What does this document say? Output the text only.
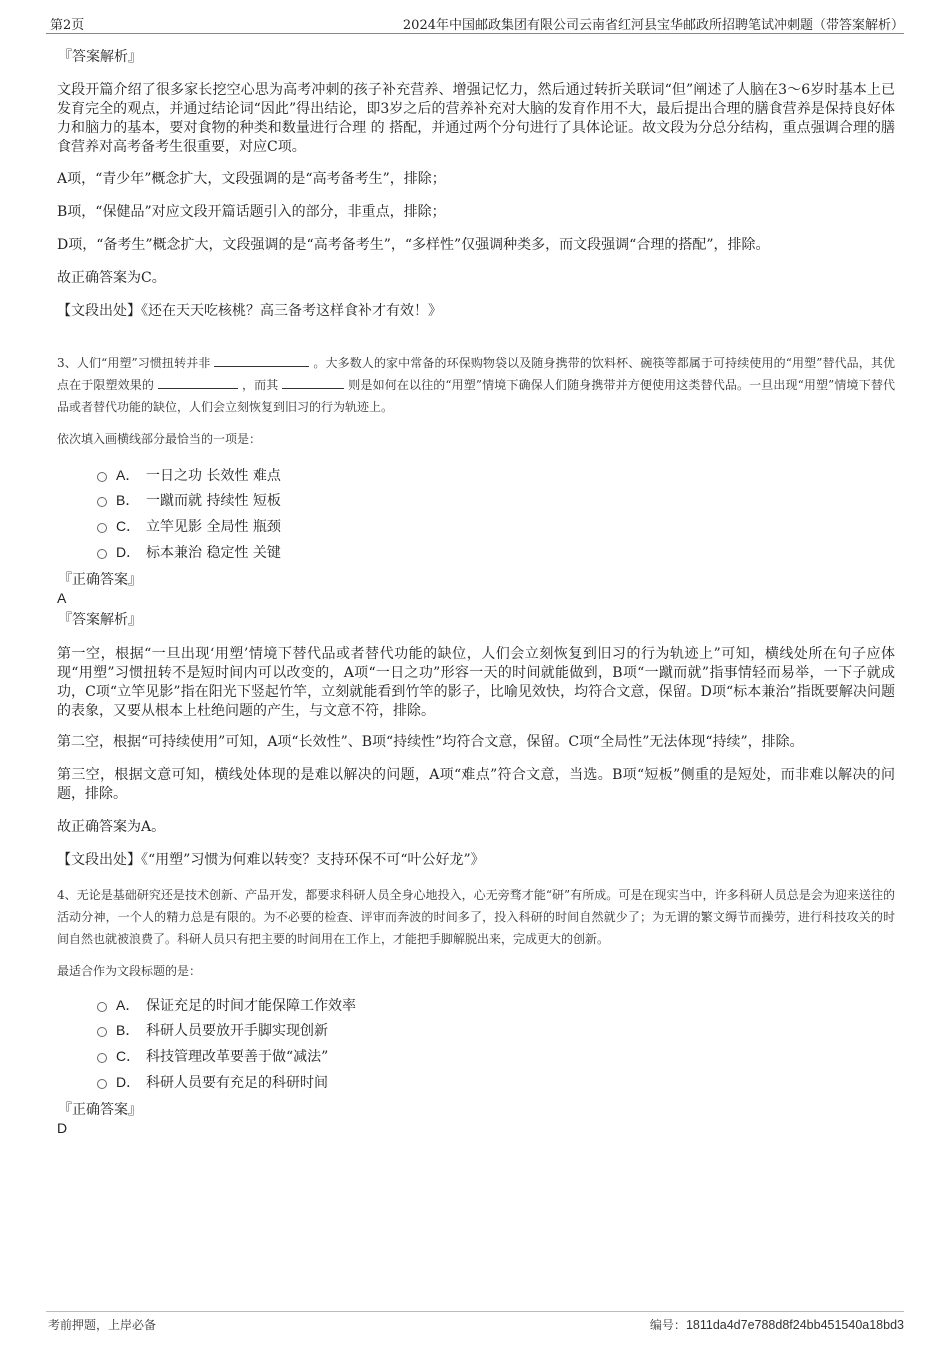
第2页	2024年中国邮政集团有限公司云南省红河县宝华邮政所招聘笔试冲刺题（带答案解析）
『答案解析』
文段开篇介绍了很多家长挖空心思为高考冲刺的孩子补充营养、增强记忆力，然后通过转折关联词“但”阐述了人脑在3～6岁时基本上已发育完全的观点，并通过结论词“因此”得出结论，即3岁之后的营养补充对大脑的发育作用不大，最后提出合理的膳食营养是保持良好体力和脑力的基本，要对食物的种类和数量进行合理 的 搭配，并通过两个分句进行了具体论证。故文段为分总分结构，重点强调合理的膳食营养对高考备考生很重要，对应C项。
A项，“青少年”概念扩大，文段强调的是“高考备考生”，排除；
B项，“保健品”对应文段开篇话题引入的部分，非重点，排除；
D项，“备考生”概念扩大，文段强调的是“高考备考生”，“多样性”仅强调种类多，而文段强调“合理的搭配”，排除。
故正确答案为C。
【文段出处】《还在天天吃核桃？高三备考这样食补才有效！》
3、人们“用塑”习惯扭转并非	。大多数人的家中常备的环保购物袋以及随身携带的饮料杯、碗筷等都属于可持续使用的“用塑”替代品，其优点在于限塑效果的	，而其	则是如何在以往的“用塑”情境下确保人们随身携带并方便使用这类替代品。一旦出现“用塑”情境下替代品或者替代功能的缺位，人们会立刻恢复到旧习的行为轨迹上。
依次填入画横线部分最恰当的一项是：
A． 一日之功 长效性 难点
B． 一蹴而就 持续性 短板
C． 立竿见影 全局性 瓶颈
D． 标本兼治 稳定性 关键
『正确答案』
A
『答案解析』
第一空，根据“一旦出现‘用塑’情境下替代品或者替代功能的缺位，人们会立刻恢复到旧习的行为轨迹上”可知，横线处所在句子应体现“用塑”习惯扭转不是短时间内可以改变的，A项“一日之功”形容一天的时间就能做到，B项“一蹴而就”指事情轻而易举，一下子就成功，C项“立竿见影”指在阳光下竖起竹竿，立刻就能看到竹竿的影子，比喻见效快，均符合文意，保留。D项“标本兼治”指既要解决问题的表象，又要从根本上杜绝问题的产生，与文意不符，排除。
第二空，根据“可持续使用”可知，A项“长效性”、B项“持续性”均符合文意，保留。C项“全局性”无法体现“持续”，排除。
第三空，根据文意可知，横线处体现的是难以解决的问题，A项“难点”符合文意，当选。B项“短板”侧重的是短处，而非难以解决的问题，排除。
故正确答案为A。
【文段出处】《“用塑”习惯为何难以转变？支持环保不可“叶公好龙”》
4、无论是基础研究还是技术创新、产品开发，都要求科研人员全身心地投入，心无旁骛才能“研”有所成。可是在现实当中，许多科研人员总是会为迎来送往的活动分神，一个人的精力总是有限的。为不必要的检查、评审而奔波的时间多了，投入科研的时间自然就少了；为无谓的繁文缛节而操劳，进行科技攻关的时间自然也就被浪费了。科研人员只有把主要的时间用在工作上，才能把手脚解脱出来，完成更大的创新。
最适合作为文段标题的是：
A． 保证充足的时间才能保障工作效率
B． 科研人员要放开手脚实现创新
C． 科技管理改革要善于做“减法”
D． 科研人员要有充足的科研时间
『正确答案』
D
考前押题，上岸必备	编号：1811da4d7e788d8f24bb451540a18bd3
